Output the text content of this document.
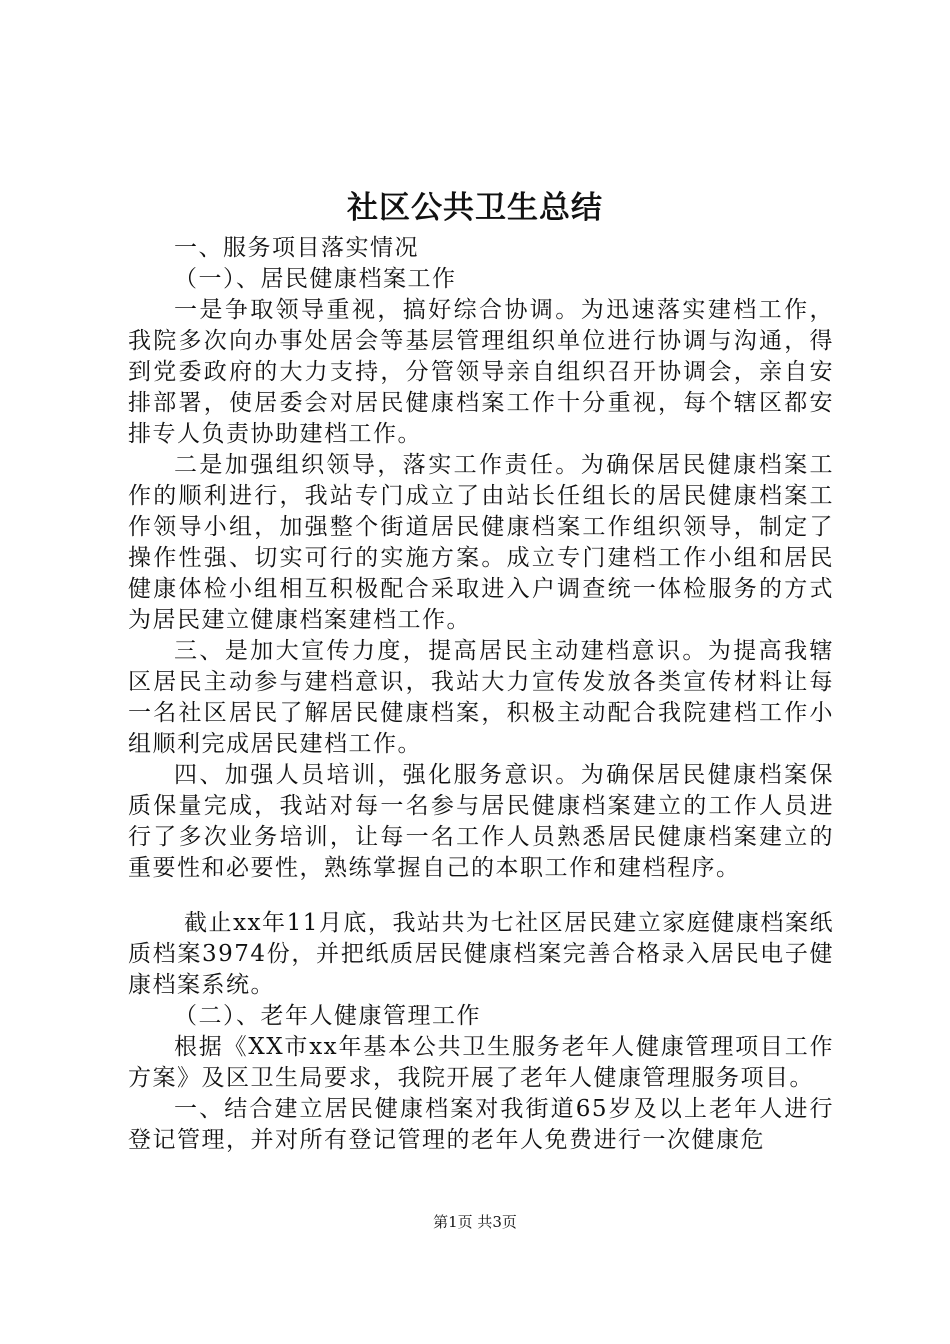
社区公共卫生总结

一、服务项目落实情况

（一）、居民健康档案工作

一是争取领导重视，搞好综合协调。为迅速落实建档工作，我院多次向办事处居会等基层管理组织单位进行协调与沟通，得到党委政府的大力支持，分管领导亲自组织召开协调会，亲自安排部署，使居委会对居民健康档案工作十分重视，每个辖区都安排专人负责协助建档工作。

二是加强组织领导，落实工作责任。为确保居民健康档案工作的顺利进行，我站专门成立了由站长任组长的居民健康档案工作领导小组，加强整个街道居民健康档案工作组织领导，制定了操作性强、切实可行的实施方案。成立专门建档工作小组和居民健康体检小组相互积极配合采取进入户调查统一体检服务的方式为居民建立健康档案建档工作。

三、是加大宣传力度，提高居民主动建档意识。为提高我辖区居民主动参与建档意识，我站大力宣传发放各类宣传材料让每一名社区居民了解居民健康档案，积极主动配合我院建档工作小组顺利完成居民建档工作。

四、加强人员培训，强化服务意识。为确保居民健康档案保质保量完成，我站对每一名参与居民健康档案建立的工作人员进行了多次业务培训，让每一名工作人员熟悉居民健康档案建立的重要性和必要性，熟练掌握自己的本职工作和建档程序。

截止xx年11月底，我站共为七社区居民建立家庭健康档案纸质档案3974份，并把纸质居民健康档案完善合格录入居民电子健康档案系统。

（二）、老年人健康管理工作

根据《XX市xx年基本公共卫生服务老年人健康管理项目工作方案》及区卫生局要求，我院开展了老年人健康管理服务项目。

一、结合建立居民健康档案对我街道65岁及以上老年人进行登记管理，并对所有登记管理的老年人免费进行一次健康危

第1页 共3页
